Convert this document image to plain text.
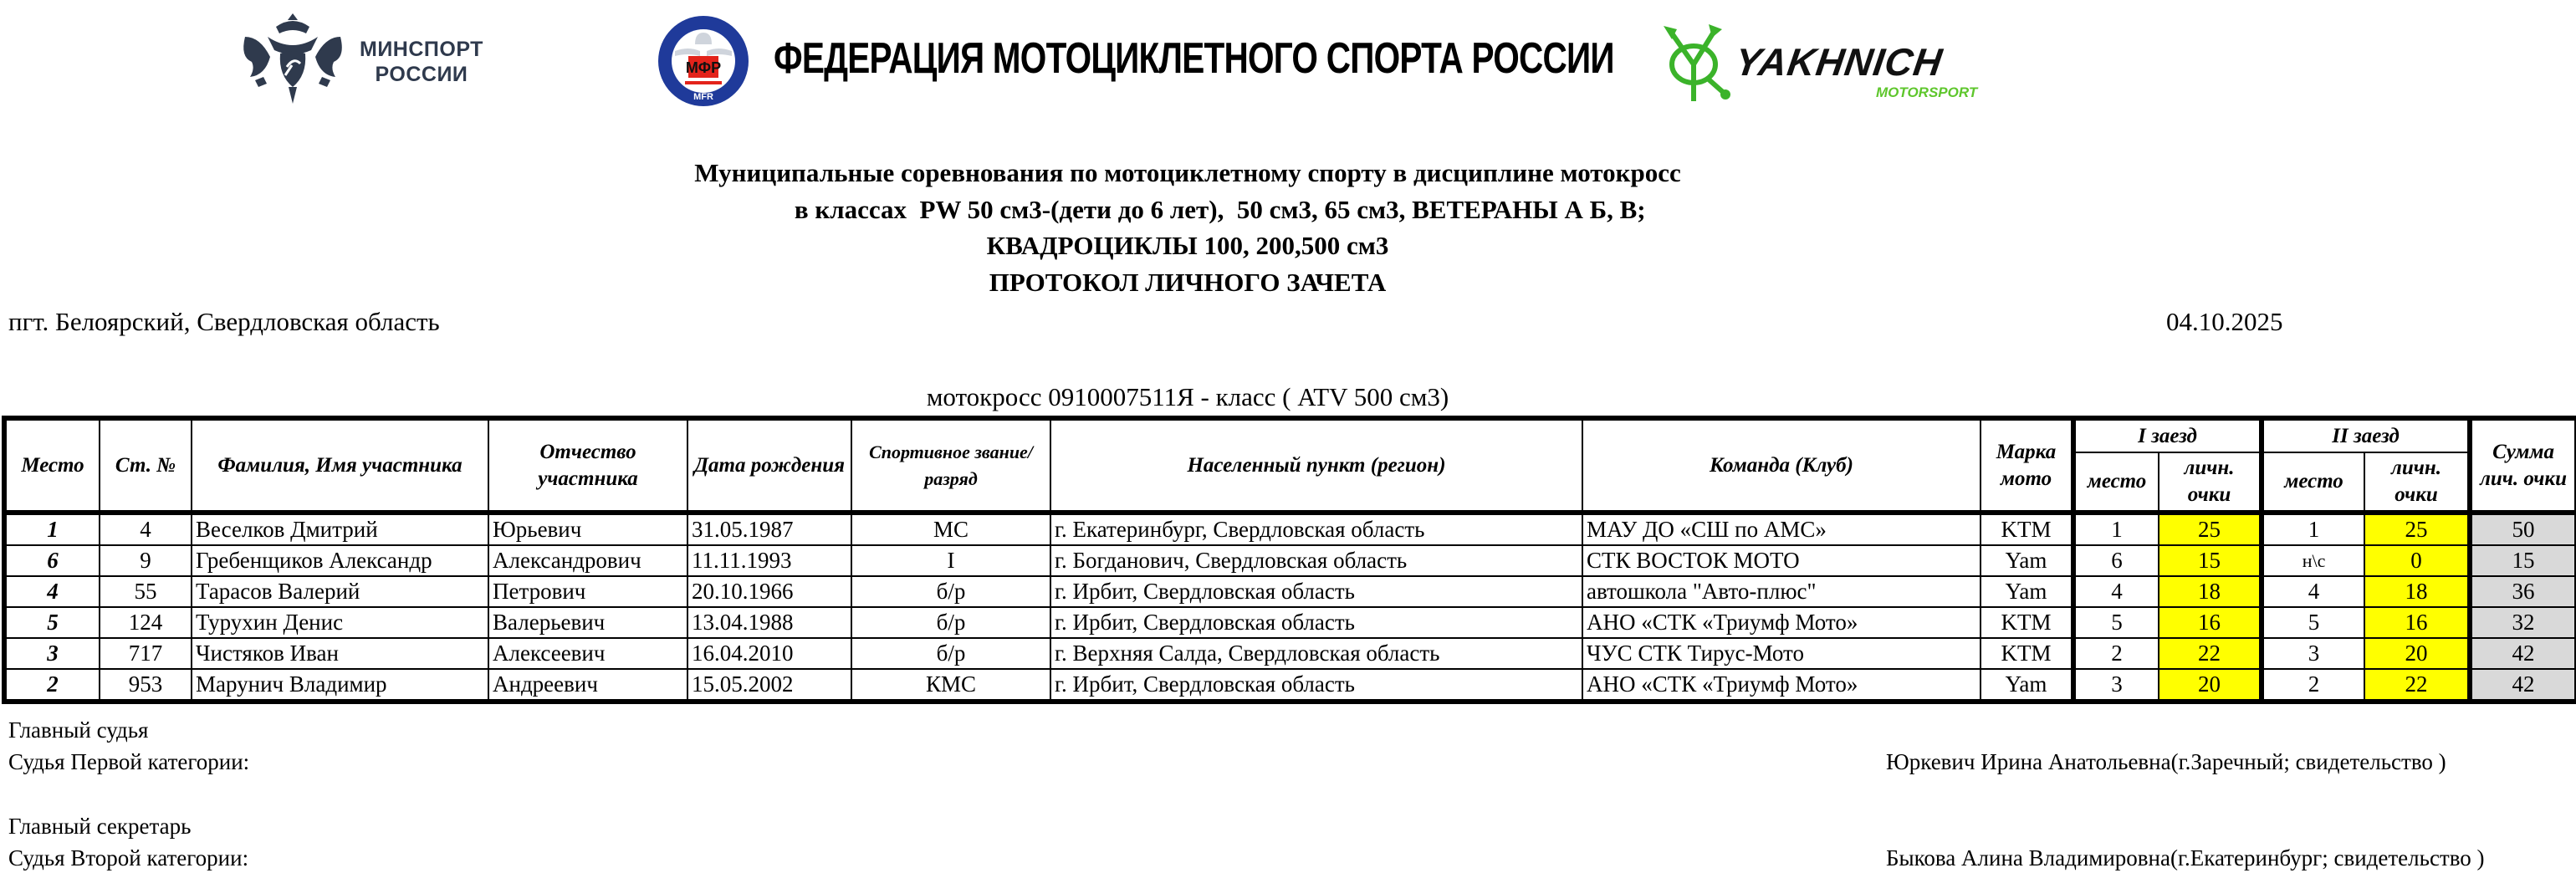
МИНСПОРТ
РОССИИ	МФР
MFR
ФЕДЕРАЦИЯ МОТОЦИКЛЕТНОГО СПОРТА РОССИИ	YAKHNICH
MOTORSPORT
Муниципальные соревнования по мотоциклетному спорту в дисциплине мотокросс
в классах  PW 50 см3-(дети до 6 лет),  50 см3, 65 см3, ВЕТЕРАНЫ А Б, В;
КВАДРОЦИКЛЫ 100, 200,500 см3
ПРОТОКОЛ ЛИЧНОГО ЗАЧЕТА
пгт. Белоярский, Свердловская область	04.10.2025
мотокросс 0910007511Я - класс ( ATV 500 см3)
Место	Ст. №	Фамилия, Имя участника	Отчество участника	Дата рождения	Спортивное звание/разряд	Населенный пункт (регион)	Команда (Клуб)	Марка мото	I заезд		II заезд		Сумма лич. очки
									место	личн. очки	место	личн. очки	
1	4	Веселков Дмитрий	Юрьевич	31.05.1987	МС	г. Екатеринбург, Свердловская область	МАУ ДО «СШ по АМС»	KTM	1	25	1	25	50
6	9	Гребенщиков Александр	Александрович	11.11.1993	I	г. Богданович, Свердловская область	СТК ВОСТОК МОТО	Yam	6	15	н\с	0	15
4	55	Тарасов Валерий	Петрович	20.10.1966	б/р	г. Ирбит, Свердловская область	автошкола "Авто-плюс"	Yam	4	18	4	18	36
5	124	Турухин Денис	Валерьевич	13.04.1988	б/р	г. Ирбит, Свердловская область	АНО «СТК «Триумф Мото»	KTM	5	16	5	16	32
3	717	Чистяков Иван	Алексеевич	16.04.2010	б/р	г. Верхняя Салда, Свердловская область	ЧУС СТК Тирус-Мото	KTM	2	22	3	20	42
2	953	Марунич Владимир	Андреевич	15.05.2002	КМС	г. Ирбит, Свердловская область	АНО «СТК «Триумф Мото»	Yam	3	20	2	22	42
Главный судья
Судья Первой категории:	Юркевич Ирина Анатольевна(г.Заречный; свидетельство )
Главный секретарь
Судья Второй категории:	Быкова Алина Владимировна(г.Екатеринбург; свидетельство )
